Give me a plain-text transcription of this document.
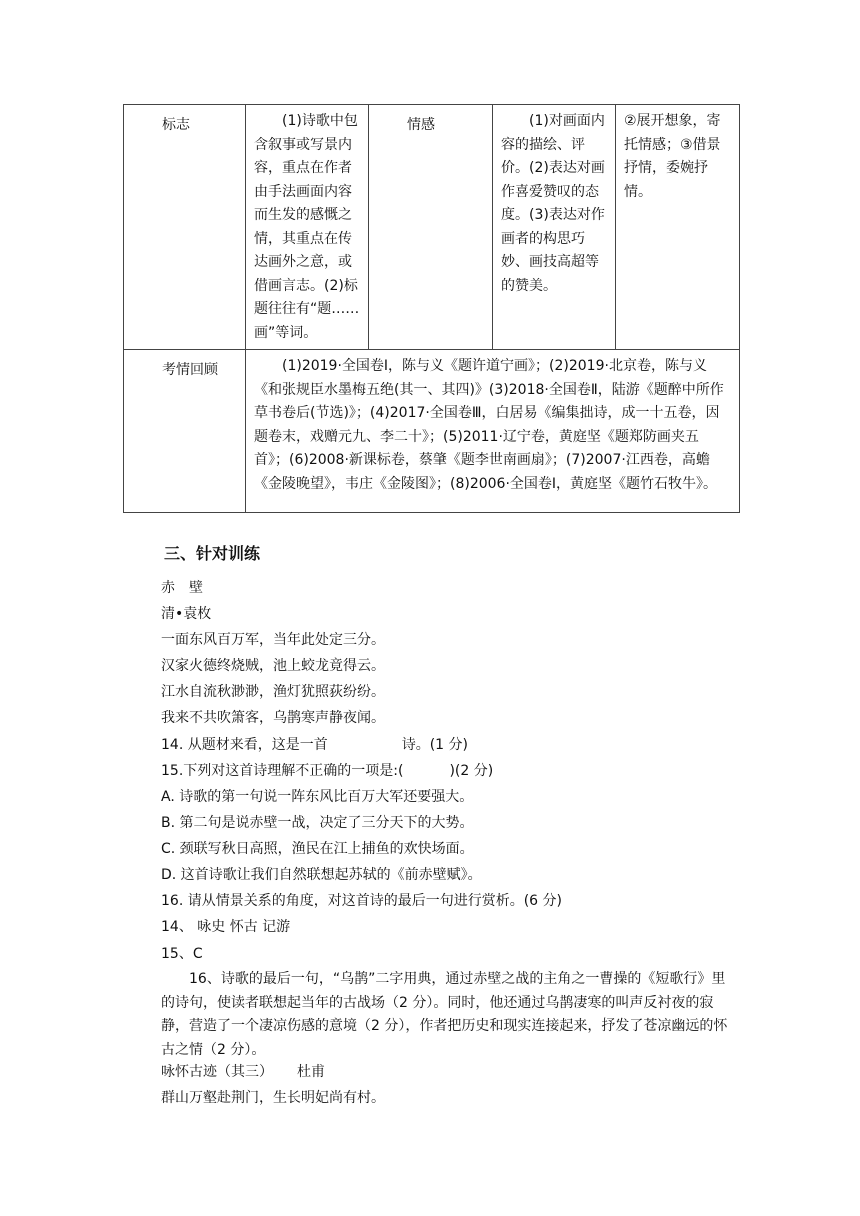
标志	(1)诗歌中包含叙事或写景内容，重点在作者由手法画面内容而生发的感慨之情，其重点在传达画外之意，或借画言志。(2)标题往往有“题……画”等词。	情感	(1)对画面内容的描绘、评价。(2)表达对画作喜爱赞叹的态度。(3)表达对作画者的构思巧妙、画技高超等的赞美。	②展开想象，寄托情感；③借景抒情，委婉抒情。

考情回顾	(1)2019·全国卷Ⅰ，陈与义《题许道宁画》；(2)2019·北京卷，陈与义《和张规臣水墨梅五绝(其一、其四)》(3)2018·全国卷Ⅱ，陆游《题醉中所作草书卷后(节选)》；(4)2017·全国卷Ⅲ，白居易《编集拙诗，成一十五卷，因题卷末，戏赠元九、李二十》；(5)2011·辽宁卷，黄庭坚《题郑防画夹五首》；(6)2008·新课标卷，蔡肇《题李世南画扇》；(7)2007·江西卷，高蟾《金陵晚望》，韦庄《金陵图》；(8)2006·全国卷Ⅰ，黄庭坚《题竹石牧牛》。			
三、针对训练
赤　壁
清•袁枚
一面东风百万军，当年此处定三分。
汉家火德终烧贼，池上蛟龙竟得云。
江水自流秋渺渺，渔灯犹照荻纷纷。
我来不共吹箫客，乌鹊寒声静夜闻。
14. 从题材来看，这是一首	诗。(1 分)
15.下列对这首诗理解不正确的一项是:(	)(2 分)
A. 诗歌的第一句说一阵东风比百万大军还要强大。
B. 第二句是说赤壁一战，决定了三分天下的大势。
C. 颈联写秋日高照，渔民在江上捕鱼的欢快场面。
D. 这首诗歌让我们自然联想起苏轼的《前赤壁赋》。
16. 请从情景关系的角度，对这首诗的最后一句进行赏析。(6 分)
14、 咏史 怀古 记游
15、C
16、诗歌的最后一句，“乌鹊”二字用典，通过赤壁之战的主角之一曹操的《短歌行》里的诗句，使读者联想起当年的古战场（2 分）。同时，他还通过乌鹊凄寒的叫声反衬夜的寂静，营造了一个凄凉伤感的意境（2 分），作者把历史和现实连接起来，抒发了苍凉幽远的怀古之情（2 分）。
咏怀古迹（其三） 杜甫
群山万壑赴荆门，生长明妃尚有村。
